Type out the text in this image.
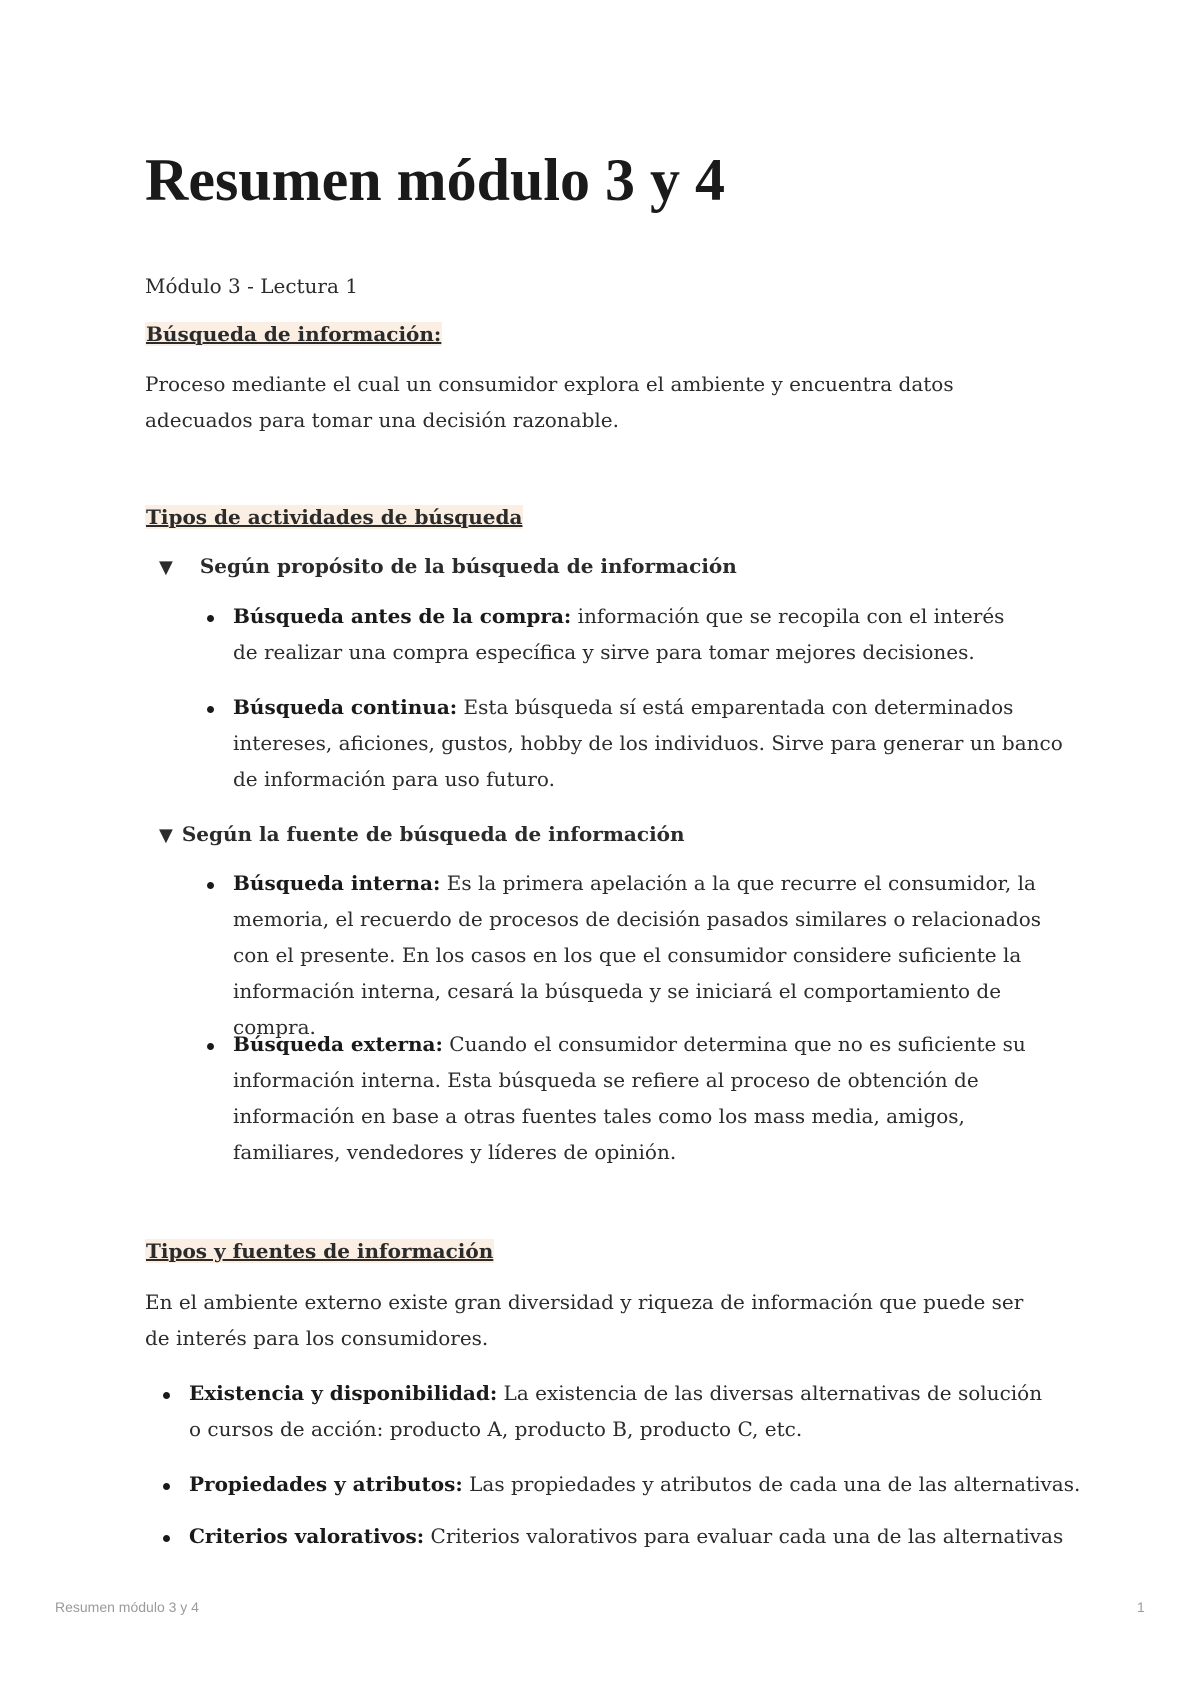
Resumen módulo 3 y 4

Módulo 3 - Lectura 1

Búsqueda de información:

Proceso mediante el cual un consumidor explora el ambiente y encuentra datos adecuados para tomar una decisión razonable.

Tipos de actividades de búsqueda

▼ Según propósito de la búsqueda de información

Búsqueda antes de la compra: información que se recopila con el interés de realizar una compra específica y sirve para tomar mejores decisiones.

Búsqueda continua: Esta búsqueda sí está emparentada con determinados intereses, aficiones, gustos, hobby de los individuos. Sirve para generar un banco de información para uso futuro.

▼ Según la fuente de búsqueda de información

Búsqueda interna: Es la primera apelación a la que recurre el consumidor, la memoria, el recuerdo de procesos de decisión pasados similares o relacionados con el presente. En los casos en los que el consumidor considere suficiente la información interna, cesará la búsqueda y se iniciará el comportamiento de compra.

Búsqueda externa: Cuando el consumidor determina que no es suficiente su información interna. Esta búsqueda se refiere al proceso de obtención de información en base a otras fuentes tales como los mass media, amigos, familiares, vendedores y líderes de opinión.

Tipos y fuentes de información

En el ambiente externo existe gran diversidad y riqueza de información que puede ser de interés para los consumidores.

Existencia y disponibilidad: La existencia de las diversas alternativas de solución o cursos de acción: producto A, producto B, producto C, etc.

Propiedades y atributos: Las propiedades y atributos de cada una de las alternativas.

Criterios valorativos: Criterios valorativos para evaluar cada una de las alternativas

Resumen módulo 3 y 4	1
